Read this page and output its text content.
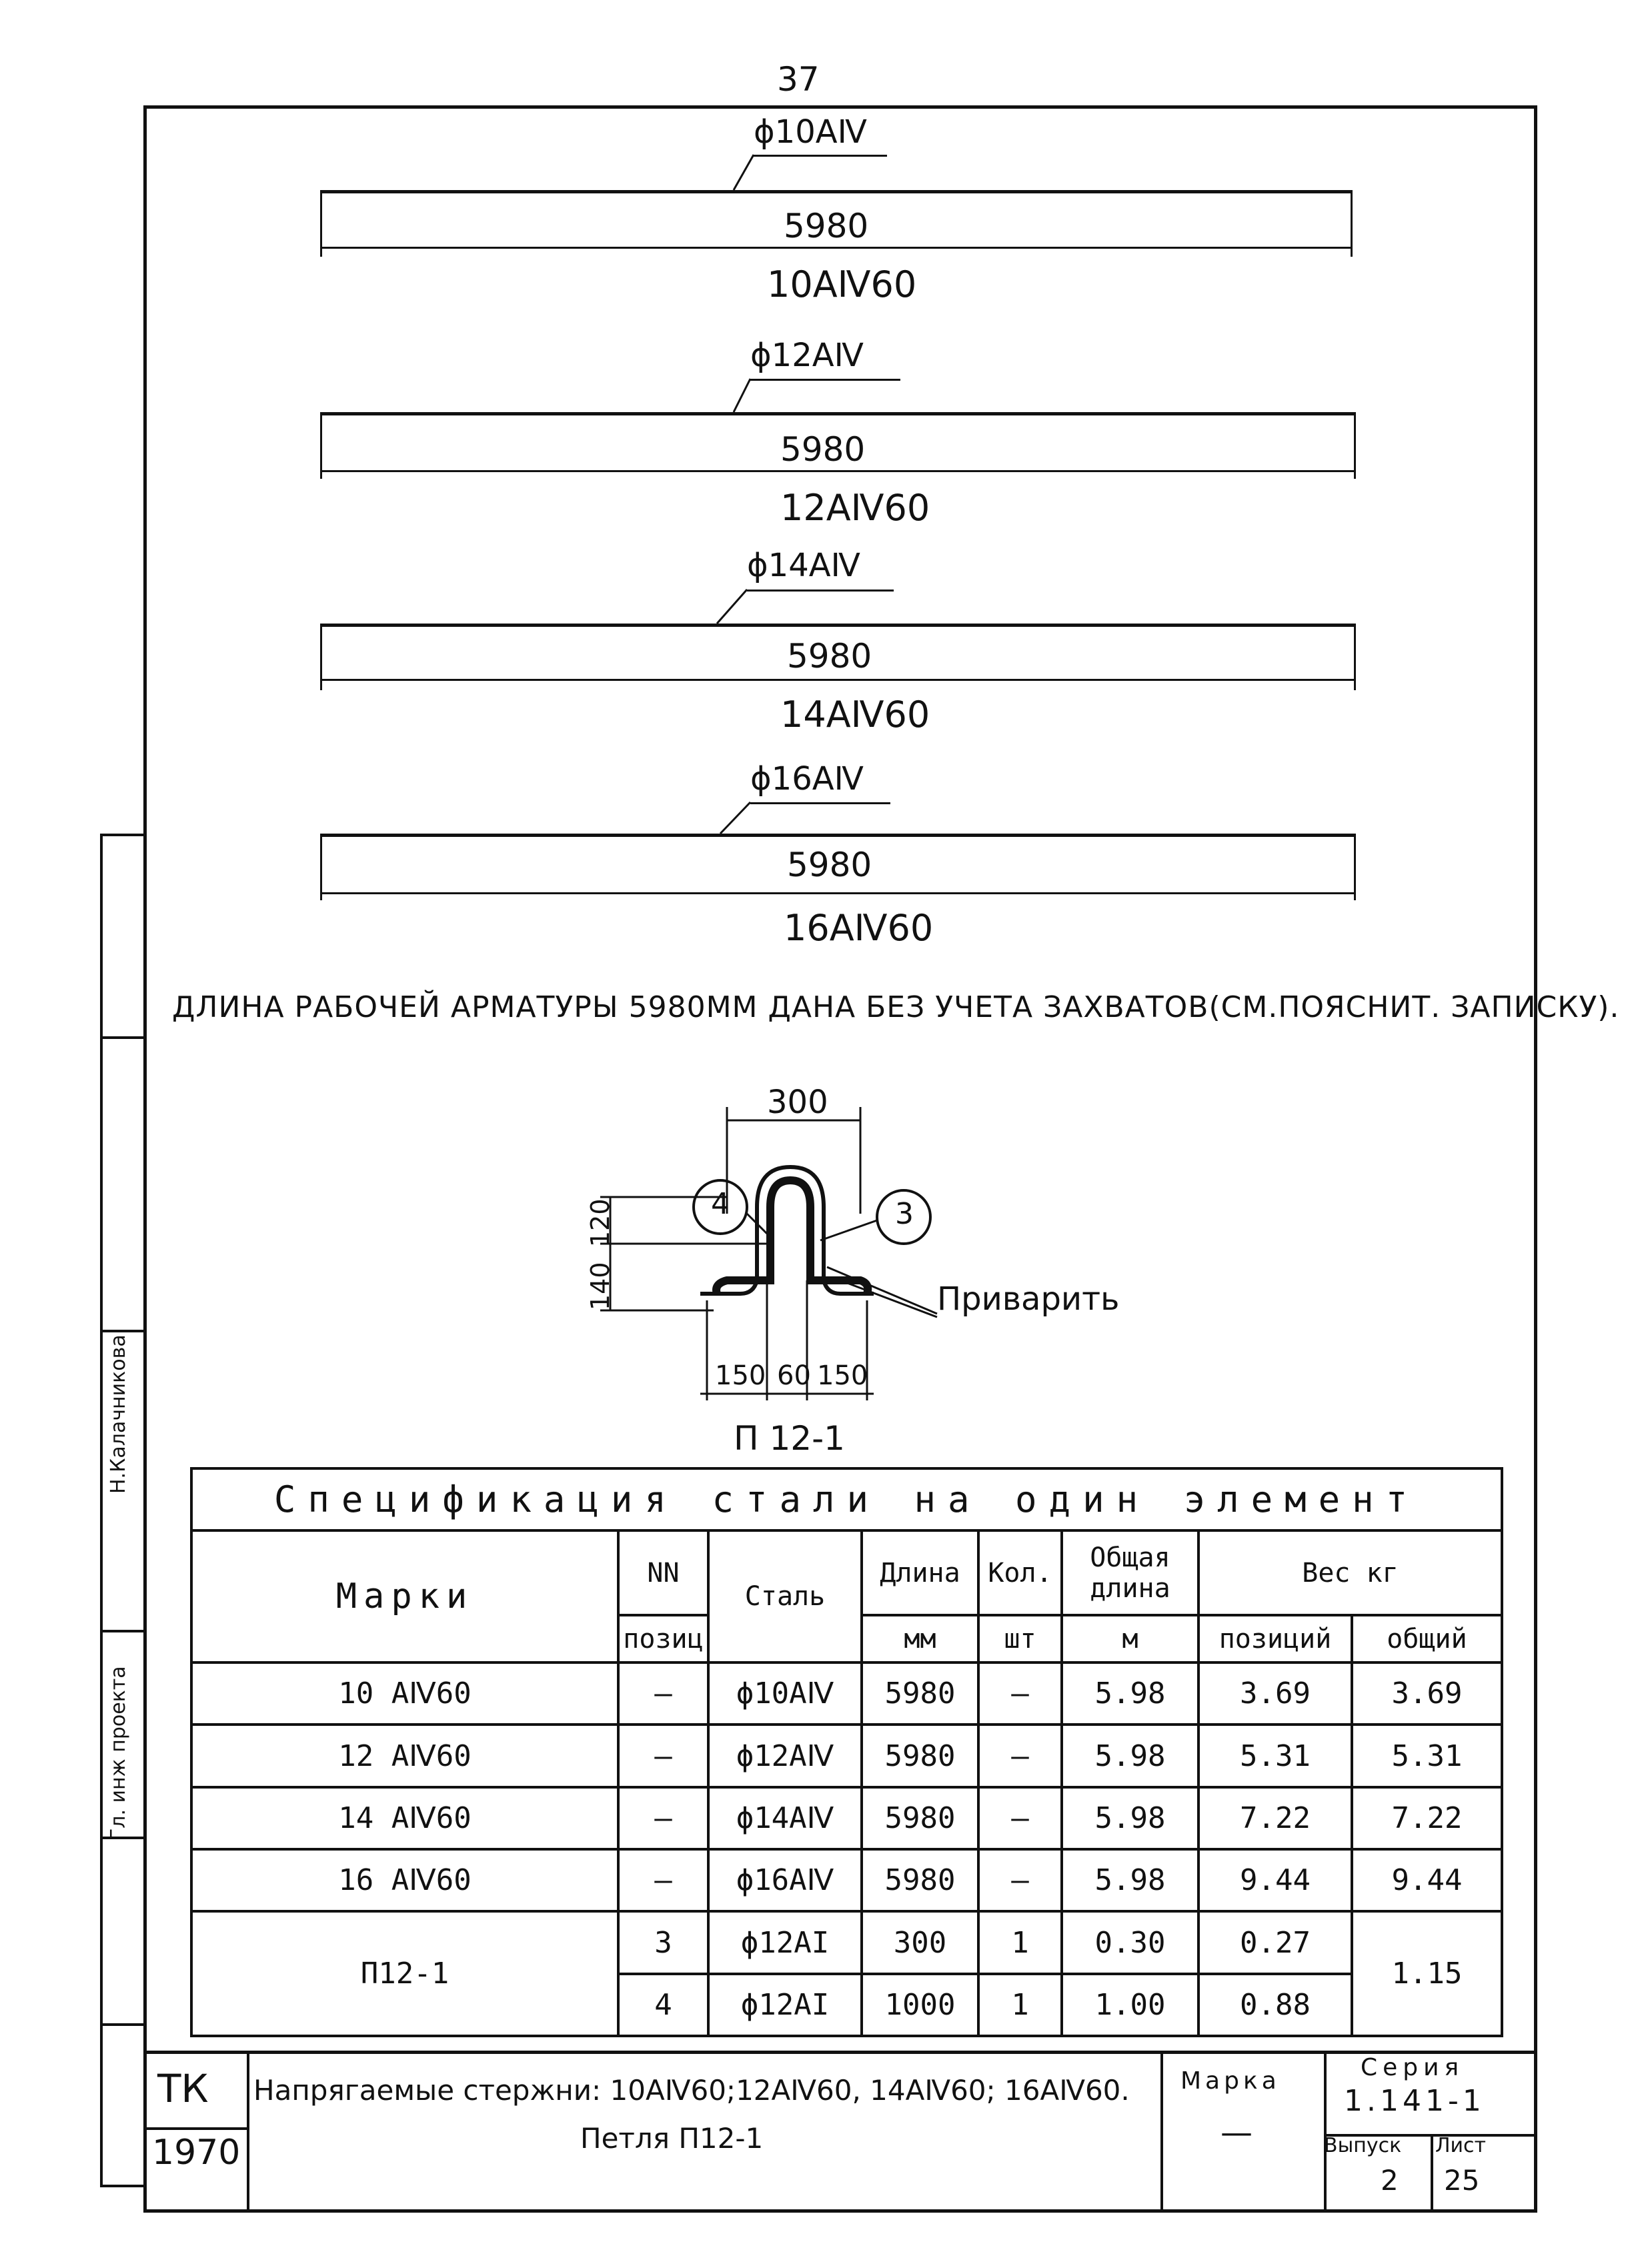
37
Гл. инж проекта
Н.Калачникова
ϕ10AⅣ
5980
10AⅣ60
ϕ12AⅣ
5980
12AⅣ60
ϕ14AⅣ
5980
14AⅣ60
ϕ16AⅣ
5980
16AⅣ60
ДЛИНА РАБОЧЕЙ АРМАТУРЫ 5980ММ ДАНА БЕЗ УЧЕТА ЗАХВАТОВ(СМ.ПОЯСНИТ. ЗАПИСКУ).
300
4	3
140
120
Приварить
150 60 150
П 12-1
Спецификация стали на один элемент							
Марки	NN	Сталь	Длина	Кол.	Общая длина	Вес кг	
	позиц		мм	шт	м	позиций	общий
10 AⅣ60	—	ϕ10AⅣ	5980	—	5.98	3.69	3.69
12 AⅣ60	—	ϕ12AⅣ	5980	—	5.98	5.31	5.31
14 AⅣ60	—	ϕ14AⅣ	5980	—	5.98	7.22	7.22
16 AⅣ60	—	ϕ16AⅣ	5980	—	5.98	9.44	9.44
П12-1	3	ϕ12AI	300	1	0.30	0.27	1.15
	4	ϕ12AI	1000	1	1.00	0.88	
ТК
1970
Напрягаемые стержни: 10AⅣ60;12AⅣ60, 14AⅣ60; 16AⅣ60.
Петля П12-1
Марка
—
Серия
1.141-1
Выпуск
2
Лист
25
